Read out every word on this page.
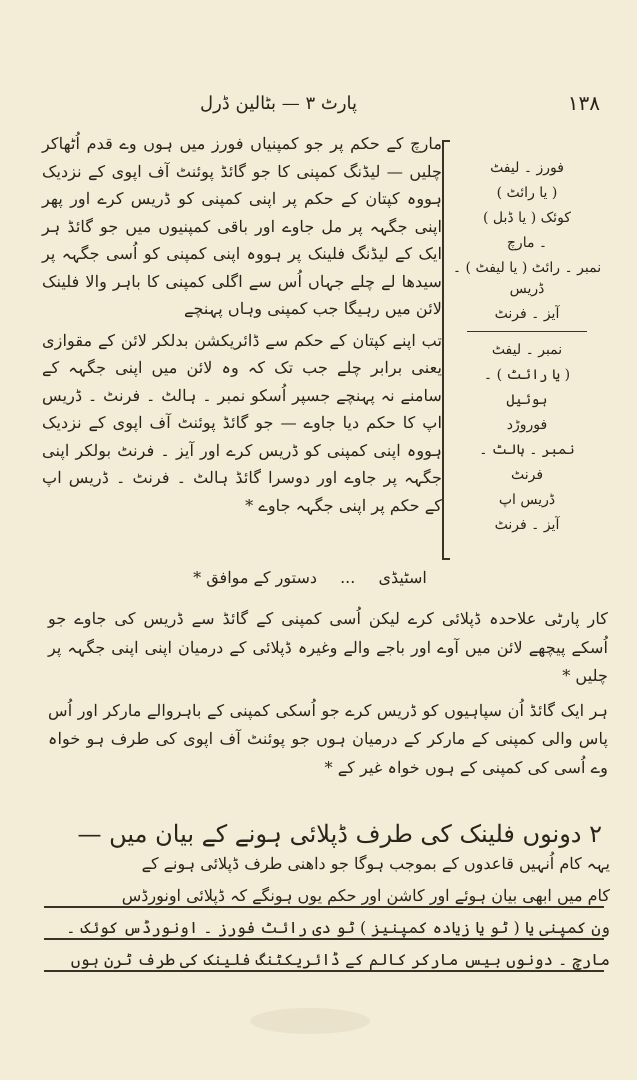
۱۳۸
پارٹ ۳ — بٹالین ڈرل

مارچ کے حکم پر جو کمپنیاں فورز میں ہوں وے قدم اُٹھاکر چلیں — لیڈنگ کمپنی کا جو گائڈ پوئنٹ آف اپوی کے نزدیک ہووہ کپتان کے حکم پر اپنی کمپنی کو ڈریس کرے اور پھر اپنی جگہہ پر مل جاوے اور باقی کمپنیوں میں جو گائڈ ہر ایک کے لیڈنگ فلینک پر ہووہ اپنی کمپنی کو اُسی جگہہ پر سیدھا لے چلے جہاں اُس سے اگلی کمپنی کا باہر والا فلینک لائن میں رہیگا جب کمپنی وہاں پہنچے

تب اپنے کپتان کے حکم سے ڈائریکشن بدلکر لائن کے مقوازی یعنی برابر چلے جب تک کہ وہ لائن میں اپنی جگہہ کے سامنے نہ پہنچے جسپر اُسکو نمبر ۔ ہالٹ ۔ فرنٹ ۔ ڈریس اپ کا حکم دیا جاوے — جو گائڈ پوئنٹ آف اپوی کے نزدیک ہووہ اپنی کمپنی کو ڈریس کرے اور آیز ۔ فرنٹ بولکر اپنی جگہہ پر جاوے اور دوسرا گائڈ ہالٹ ۔ فرنٹ ۔ ڈریس اپ کے حکم پر اپنی جگہہ جاوے *

فورز ۔ لیفٹ
( یا رائٹ )
کوئک ( یا ڈبل )
۔ مارچ
نمبر ۔ رائٹ ( یا لیفٹ ) ۔ ڈریس
آیز ۔ فرنٹ
نمبر ۔ لیفٹ
( یا رائٹ ) ۔
ہوئیل
فوروڑد
نمبر ۔ ہالٹ ۔
فرنٹ
ڈریس اپ
آیز ۔ فرنٹ
اسٹیڈی ... دستور کے موافق *

کار پارٹی علاحدہ ڈپلائی کرے لیکن اُسی کمپنی کے گائڈ سے ڈریس کی جاوے جو اُسکے پیچھے لائن میں آوے اور باجے والے وغیرہ ڈپلائی کے درمیان اپنی اپنی جگہہ پر چلیں *

ہر ایک گائڈ اُن سپاہیوں کو ڈریس کرے جو اُسکی کمپنی کے باہروالے مارکر اور اُس پاس والی کمپنی کے مارکر کے درمیان ہوں جو پوئنٹ آف اپوی کی طرف ہو خواہ وے اُسی کی کمپنی کے ہوں خواہ غیر کے *

۲ دونوں فلینک کی طرف ڈپلائی ہونے کے بیان میں —
یہہ کام اُنہیں قاعدوں کے بموجب ہوگا جو داھنی طرف ڈپلائی ہونے کے
کام میں ابھی بیان ہوئے اور کاشن اور حکم یوں ہونگے کہ ڈپلائی اونورڈس
ون کمپنی یا ( ٹو یا زیادہ کمپنیز ) ٹو دی رائٹ فورز ۔ اونورڈس کوئک ۔
مارچ ۔ دونوں بیس مارکر کالم کے ڈائریکٹنگ فلینک کی طرف ٹرن ہوں
